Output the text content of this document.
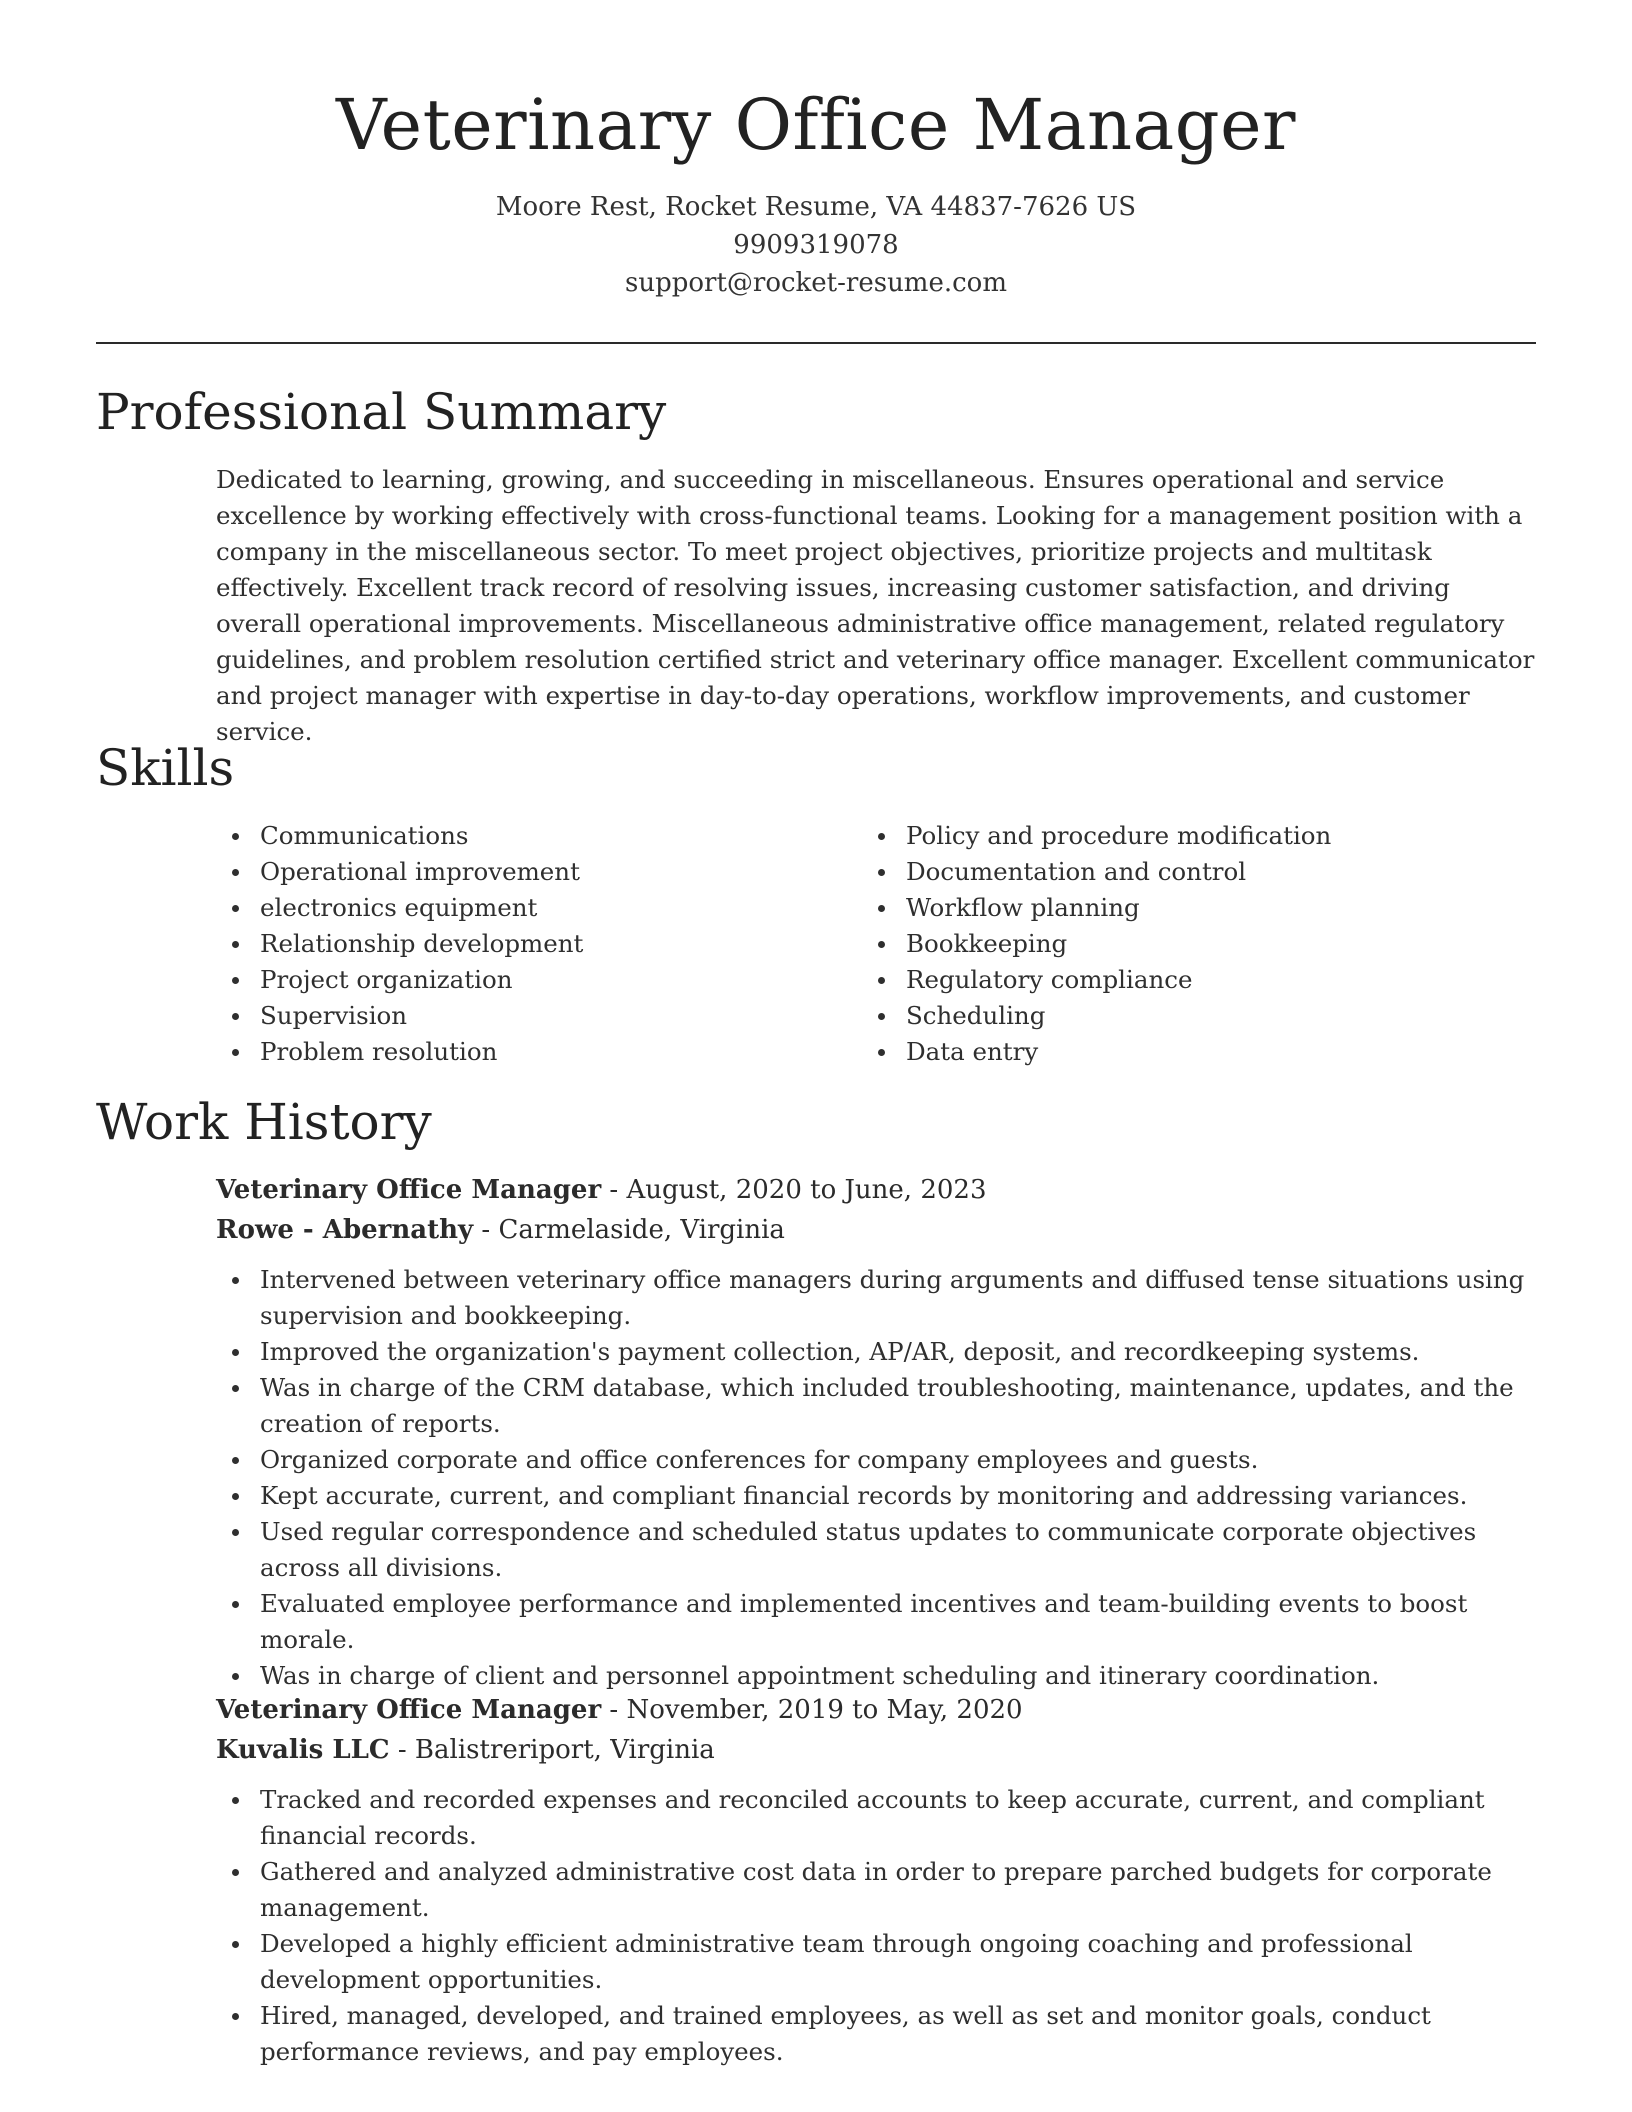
Veterinary Office Manager

Moore Rest, Rocket Resume, VA 44837-7626 US

9909319078

support@rocket-resume.com

Professional Summary

Dedicated to learning, growing, and succeeding in miscellaneous. Ensures operational and service excellence by working effectively with cross-functional teams. Looking for a management position with a company in the miscellaneous sector. To meet project objectives, prioritize projects and multitask effectively. Excellent track record of resolving issues, increasing customer satisfaction, and driving overall operational improvements. Miscellaneous administrative office management, related regulatory guidelines, and problem resolution certified strict and veterinary office manager. Excellent communicator and project manager with expertise in day-to-day operations, workflow improvements, and customer service.

Skills
Communications
Operational improvement
electronics equipment
Relationship development
Project organization
Supervision
Problem resolution
Policy and procedure modification
Documentation and control
Workflow planning
Bookkeeping
Regulatory compliance
Scheduling
Data entry
Work History

Veterinary Office Manager - August, 2020 to June, 2023

Rowe - Abernathy - Carmelaside, Virginia

Intervened between veterinary office managers during arguments and diffused tense situations using supervision and bookkeeping.
Improved the organization's payment collection, AP/AR, deposit, and recordkeeping systems.
Was in charge of the CRM database, which included troubleshooting, maintenance, updates, and the creation of reports.
Organized corporate and office conferences for company employees and guests.
Kept accurate, current, and compliant financial records by monitoring and addressing variances.
Used regular correspondence and scheduled status updates to communicate corporate objectives across all divisions.
Evaluated employee performance and implemented incentives and team-building events to boost morale.
Was in charge of client and personnel appointment scheduling and itinerary coordination.

Veterinary Office Manager - November, 2019 to May, 2020

Kuvalis LLC - Balistreriport, Virginia

Tracked and recorded expenses and reconciled accounts to keep accurate, current, and compliant financial records.
Gathered and analyzed administrative cost data in order to prepare parched budgets for corporate management.
Developed a highly efficient administrative team through ongoing coaching and professional development opportunities.
Hired, managed, developed, and trained employees, as well as set and monitor goals, conduct performance reviews, and pay employees.
